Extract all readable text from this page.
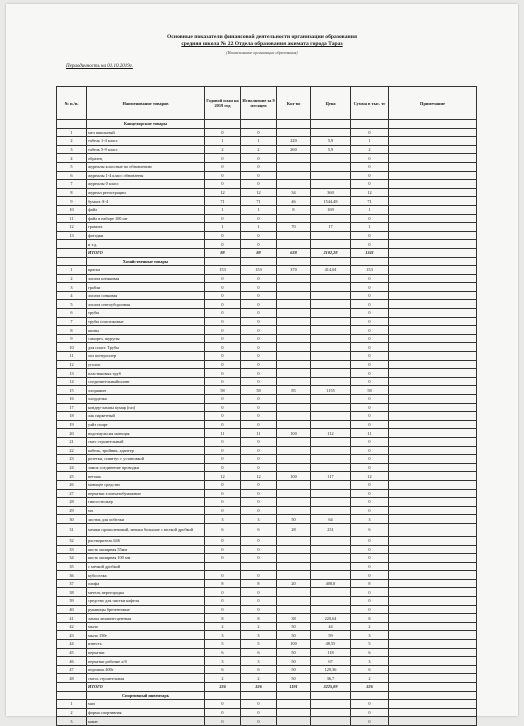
Основные показатели финансовой деятельности организации образования
средняя школа № 22 Отдела образования акимата города Тараз
(Наименование организации образования)
Периодичность на 01.10.2019г.
№ п./п.	Наименование товаров	Годовой план на 2019 год	Исполнение за 9 месяцев	Кол-во	Цена	Сумма в тыс. тг	Примечание
	Канцелярские товары						
1	мел школьный	0	0			0	
2	табель 1-4 класс	1	1	220	5,9	1	
3	табель 5-9 класс	2	2	260	5,9	2	
4	образец	0	0			0	
5	журналы классные по обновлению	0	0			0	
6	журналы 1-4 класс обновлены	0	0			0	
7	журналы 0 класс	0	0			0	
8	журнал регистрации	12	12	34	360	12	
9	бумага А-4	71	71	46	1544,48	71	
10	файл	1	1	8	169	1	
11	файл в наборе 100 шт	0	0			0	
12	грамота	1	1	70	17	1	
13	фотодки	0	0			0	
	и т.д.	0	0			0	
	ИТОГО	88	88	638	2102,28	1341	
	Хозяйственные товары						
1	краска	153	153	370	414,04	153	
2	лопата штыковая	0	0			0	
3	грабли	0	0			0	
4	лопата совковая	0	0			0	
5	лопата снегоуборочная	0	0			0	
6	трубы	0	0			0	
7	трубы пластиковые	0	0			0	
8	шины	0	0			0	
9	саморез, шурупы	0	0			0	
10	для пласт. Трубы	0	0			0	
11	хол контроллер	0	0			0	
12	уголок	0	0			0	
13	пластиковых труб	0	0			0	
14	соединительныйшланг	0	0			0	
15	хлорамин	58	58	85	1155	58	
16	хлорделка	0	0			0	
17	кондер-лампы кумар (газ)	0	0			0	
18	лак паркетный	0	0			0	
19	уайт спирт	0	0			0	
20	водоэмульсия моющая	11	11	100	112	11	
21	смес строительный	0	0			0	
22	кабель, тройник, адаптер	0	0			0	
23	розетки, плинтус с установкой	0	0			0	
24	замок соединение проводки	0	0			0	
25	ветошь	12	12	100	117	12	
26	моющее средство	0	0			0	
27	перчатки хлопчатобумажные	0	0			0	
28	гипсостильер	0	0			0	
29	мч	0	0			0	
30	листик для побелки	3	3	50	64	3	
31	мешки пропиленовый, мешки большие с мелкой дробкой	6	6	28	231	6	
32	растворитель 646	0	0			0	
33	кисть малярная 55мм	0	0			0	
34	кисть малярная 100 мм	0	0			0	
35	с мечкой дробкой					0	
36	кубоселка	0	0			0	
37	олифа	8	8	20	408,8	8	
38	метель перегородка	0	0			0	
39	средство для чистки кафеля	0	0			0	
40	рукавицы брезентовые	0	0			0	
41	лампа люминесцентная	8	8	38	220,64	8	
42	мыло	2	2	50	44	2	
43	мыло 150г	3	3	50	59	3	
44	известь	5	5	100	48,55	5	
45	перчатки	6	6	50	118	6	
46	перчатки рабочие х/б	3	3	50	67	3	
47	порошок 400г	6	6	50	129,36	6	
48	смесь строительная	2	2	50	36,7	2	
	ИТОГО	326	326	1191	3225,09	326	
	Спортивный инвентарь						
1	мяч	0	0			0	
2	форма спортивная	0	0			0	
3	канат	0	0			0	
